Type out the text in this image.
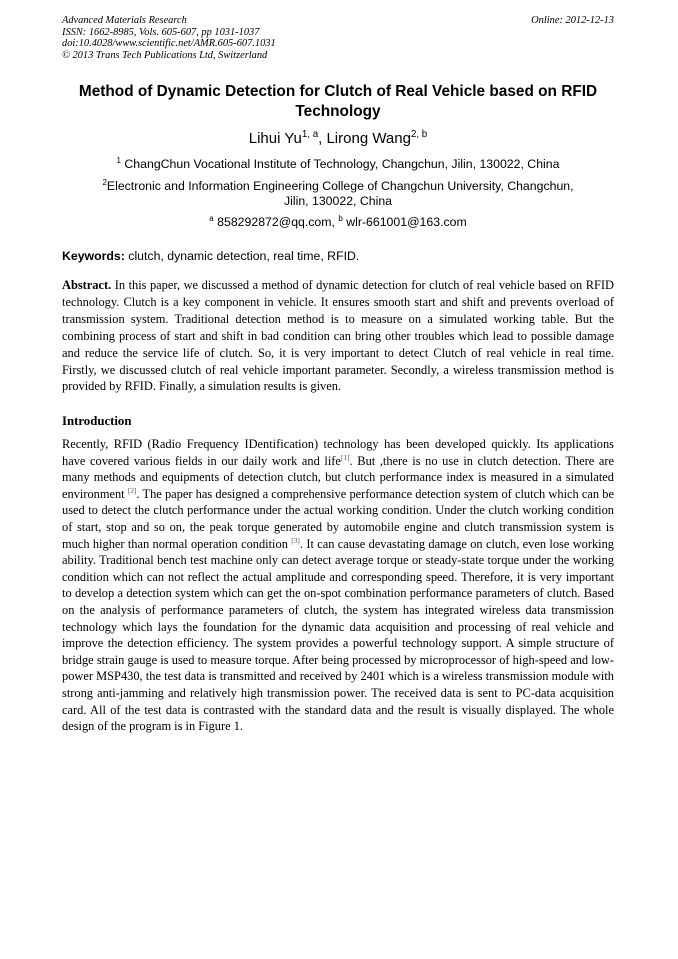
Advanced Materials Research
ISSN: 1662-8985, Vols. 605-607, pp 1031-1037
doi:10.4028/www.scientific.net/AMR.605-607.1031
© 2013 Trans Tech Publications Ltd, Switzerland
Online: 2012-12-13
Method of Dynamic Detection for Clutch of Real Vehicle based on RFID Technology
Lihui Yu$^{1, a}$, Lirong Wang$^{2, b}$
$^1$ ChangChun Vocational Institute of Technology, Changchun, Jilin, 130022, China
$^2$Electronic and Information Engineering College of Changchun University, Changchun, Jilin, 130022, China
$^a$ 858292872@qq.com, $^b$ wlr-661001@163.com
Keywords: clutch, dynamic detection, real time, RFID.
Abstract. In this paper, we discussed a method of dynamic detection for clutch of real vehicle based on RFID technology. Clutch is a key component in vehicle. It ensures smooth start and shift and prevents overload of transmission system. Traditional detection method is to measure on a simulated working table. But the combining process of start and shift in bad condition can bring other troubles which lead to possible damage and reduce the service life of clutch. So, it is very important to detect Clutch of real vehicle in real time. Firstly, we discussed clutch of real vehicle important parameter. Secondly, a wireless transmission method is provided by RFID. Finally, a simulation results is given.
Introduction
Recently, RFID (Radio Frequency IDentification) technology has been developed quickly. Its applications have covered various fields in our daily work and life[1]. But ,there is no use in clutch detection. There are many methods and equipments of detection clutch, but clutch performance index is measured in a simulated environment [2]. The paper has designed a comprehensive performance detection system of clutch which can be used to detect the clutch performance under the actual working condition. Under the clutch working condition of start, stop and so on, the peak torque generated by automobile engine and clutch transmission system is much higher than normal operation condition [3]. It can cause devastating damage on clutch, even lose working ability. Traditional bench test machine only can detect average torque or steady-state torque under the working condition which can not reflect the actual amplitude and corresponding speed. Therefore, it is very important to develop a detection system which can get the on-spot combination performance parameters of clutch. Based on the analysis of performance parameters of clutch, the system has integrated wireless data transmission technology which lays the foundation for the dynamic data acquisition and processing of real vehicle and improve the detection efficiency. The system provides a powerful technology support. A simple structure of bridge strain gauge is used to measure torque. After being processed by microprocessor of high-speed and low-power MSP430, the test data is transmitted and received by 2401 which is a wireless transmission module with strong anti-jamming and relatively high transmission power. The received data is sent to PC-data acquisition card. All of the test data is contrasted with the standard data and the result is visually displayed. The whole design of the program is in Figure 1.
